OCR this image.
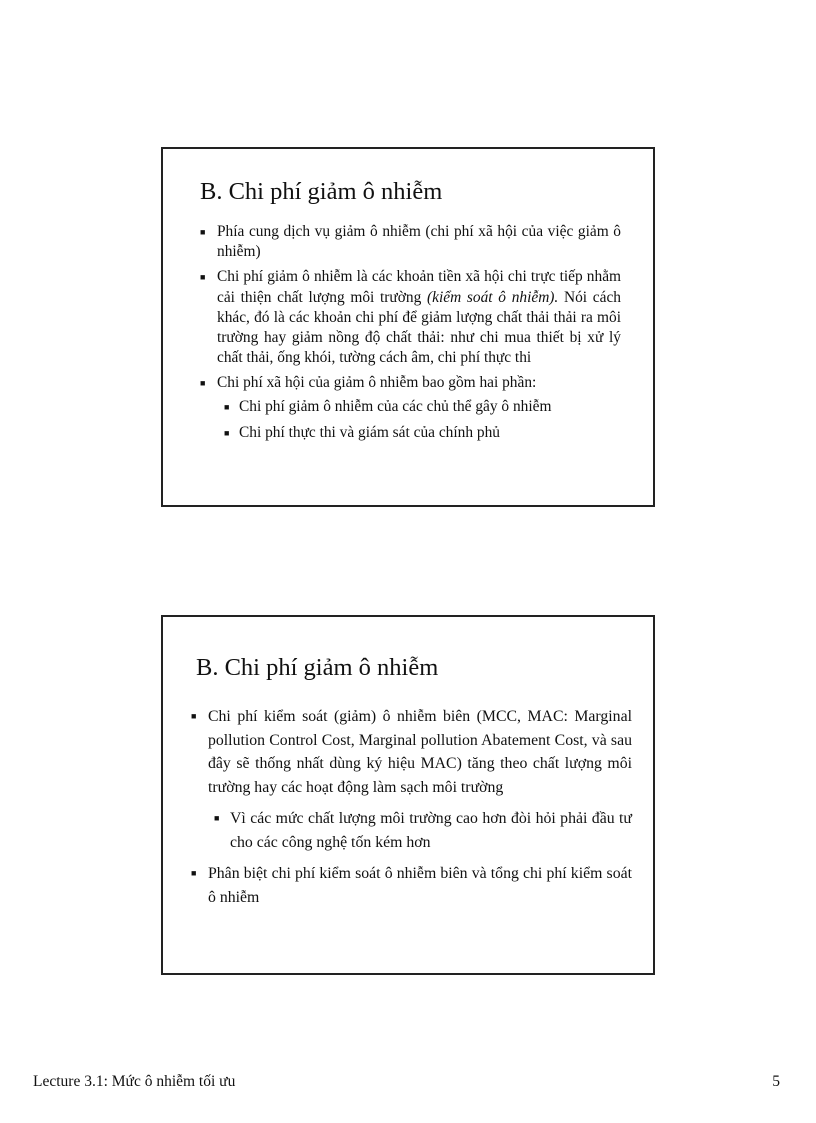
B. Chi phí giảm ô nhiễm
■ Phía cung dịch vụ giảm ô nhiễm (chi phí xã hội của việc giảm ô nhiễm)
■ Chi phí giảm ô nhiễm là các khoản tiền xã hội chi trực tiếp nhằm cải thiện chất lượng môi trường (kiểm soát ô nhiễm). Nói cách khác, đó là các khoản chi phí để giảm lượng chất thải thải ra môi trường hay giảm nồng độ chất thải: như chi mua thiết bị xử lý chất thải, ống khói, tường cách âm, chi phí thực thi
■ Chi phí xã hội của giảm ô nhiễm bao gồm hai phần:
■ Chi phí giảm ô nhiễm của các chủ thể gây ô nhiễm
■ Chi phí thực thi và giám sát của chính phủ
B. Chi phí giảm ô nhiễm
■ Chi phí kiểm soát (giảm) ô nhiễm biên (MCC, MAC: Marginal pollution Control Cost, Marginal pollution Abatement Cost, và sau đây sẽ thống nhất dùng ký hiệu MAC) tăng theo chất lượng môi trường hay các hoạt động làm sạch môi trường
■ Vì các mức chất lượng môi trường cao hơn đòi hỏi phải đầu tư cho các công nghệ tốn kém hơn
■ Phân biệt chi phí kiểm soát ô nhiễm biên và tổng chi phí kiểm soát ô nhiễm
Lecture 3.1: Mức ô nhiễm tối ưu	5
